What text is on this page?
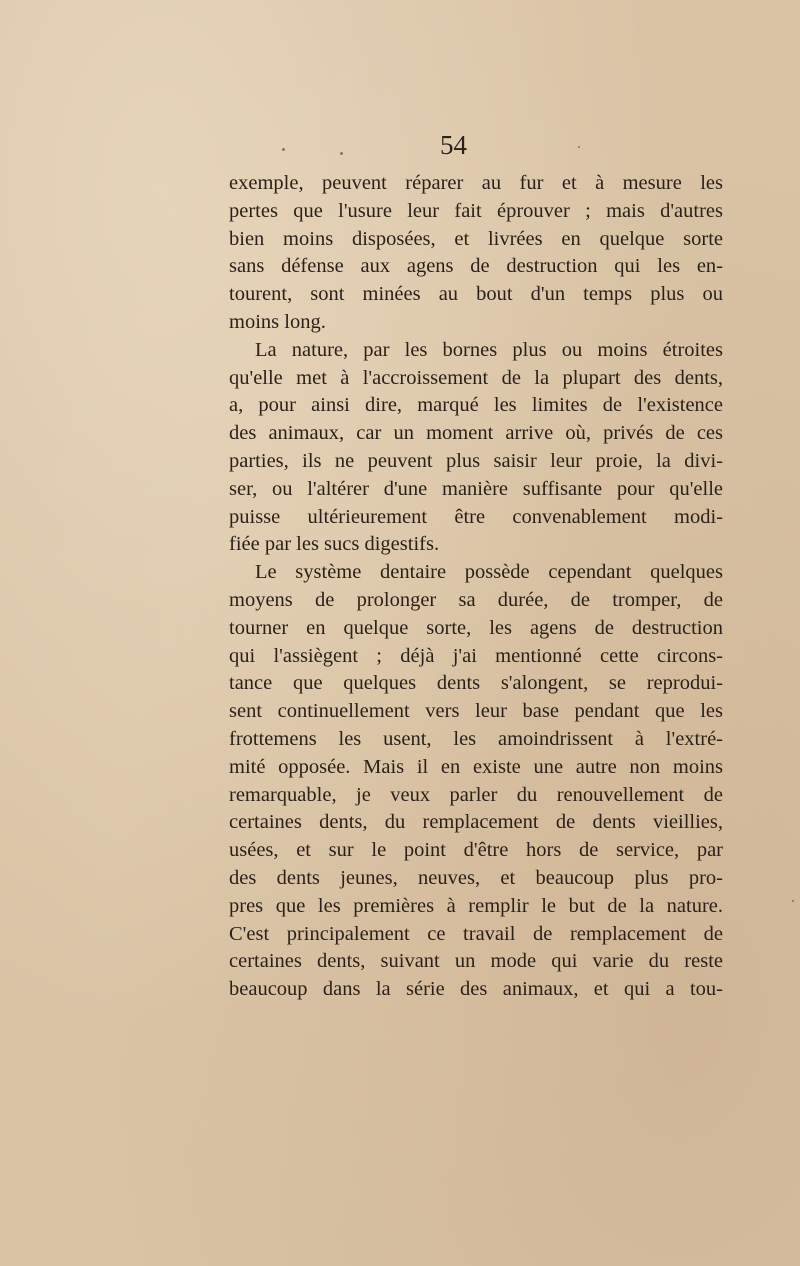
54
exemple, peuvent réparer au fur et à mesure les
pertes que l'usure leur fait éprouver ; mais d'autres
bien moins disposées, et livrées en quelque sorte
sans défense aux agens de destruction qui les en-
tourent, sont minées au bout d'un temps plus ou
moins long.
La nature, par les bornes plus ou moins étroites
qu'elle met à l'accroissement de la plupart des dents,
a, pour ainsi dire, marqué les limites de l'existence
des animaux, car un moment arrive où, privés de ces
parties, ils ne peuvent plus saisir leur proie, la divi-
ser, ou l'altérer d'une manière suffisante pour qu'elle
puisse ultérieurement être convenablement modi-
fiée par les sucs digestifs.
Le système dentaire possède cependant quelques
moyens de prolonger sa durée, de tromper, de
tourner en quelque sorte, les agens de destruction
qui l'assiègent ; déjà j'ai mentionné cette circons-
tance que quelques dents s'alongent, se reprodui-
sent continuellement vers leur base pendant que les
frottemens les usent, les amoindrissent à l'extré-
mité opposée. Mais il en existe une autre non moins
remarquable, je veux parler du renouvellement de
certaines dents, du remplacement de dents vieillies,
usées, et sur le point d'être hors de service, par
des dents jeunes, neuves, et beaucoup plus pro-
pres que les premières à remplir le but de la nature.
C'est principalement ce travail de remplacement de
certaines dents, suivant un mode qui varie du reste
beaucoup dans la série des animaux, et qui a tou-
